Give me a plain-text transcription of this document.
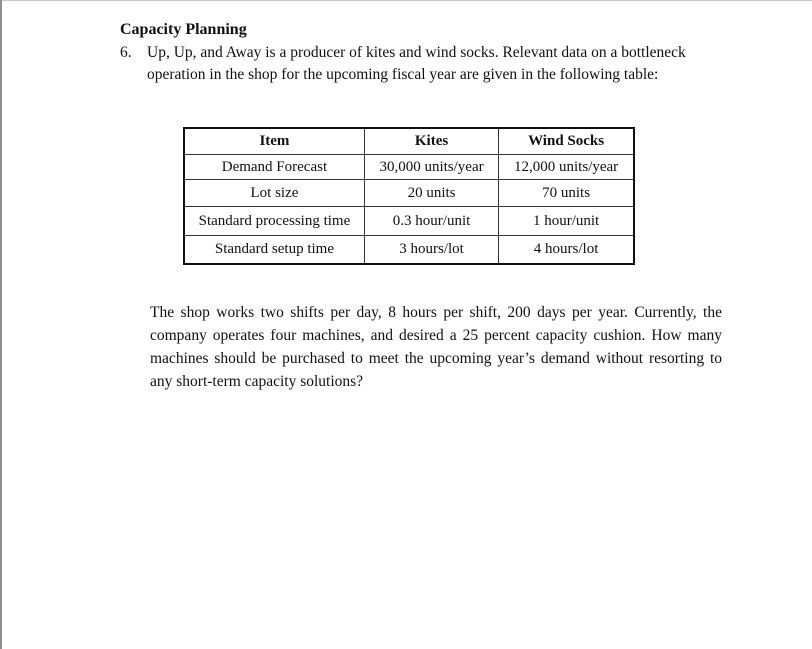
Capacity Planning
6. Up, Up, and Away is a producer of kites and wind socks. Relevant data on a bottleneck operation in the shop for the upcoming fiscal year are given in the following table:
Item	Kites	Wind Socks
Demand Forecast	30,000 units/year	12,000 units/year
Lot size	20 units	70 units
Standard processing time	0.3 hour/unit	1 hour/unit
Standard setup time	3 hours/lot	4 hours/lot
The shop works two shifts per day, 8 hours per shift, 200 days per year. Currently, the company operates four machines, and desired a 25 percent capacity cushion. How many machines should be purchased to meet the upcoming year’s demand without resorting to any short-term capacity solutions?
